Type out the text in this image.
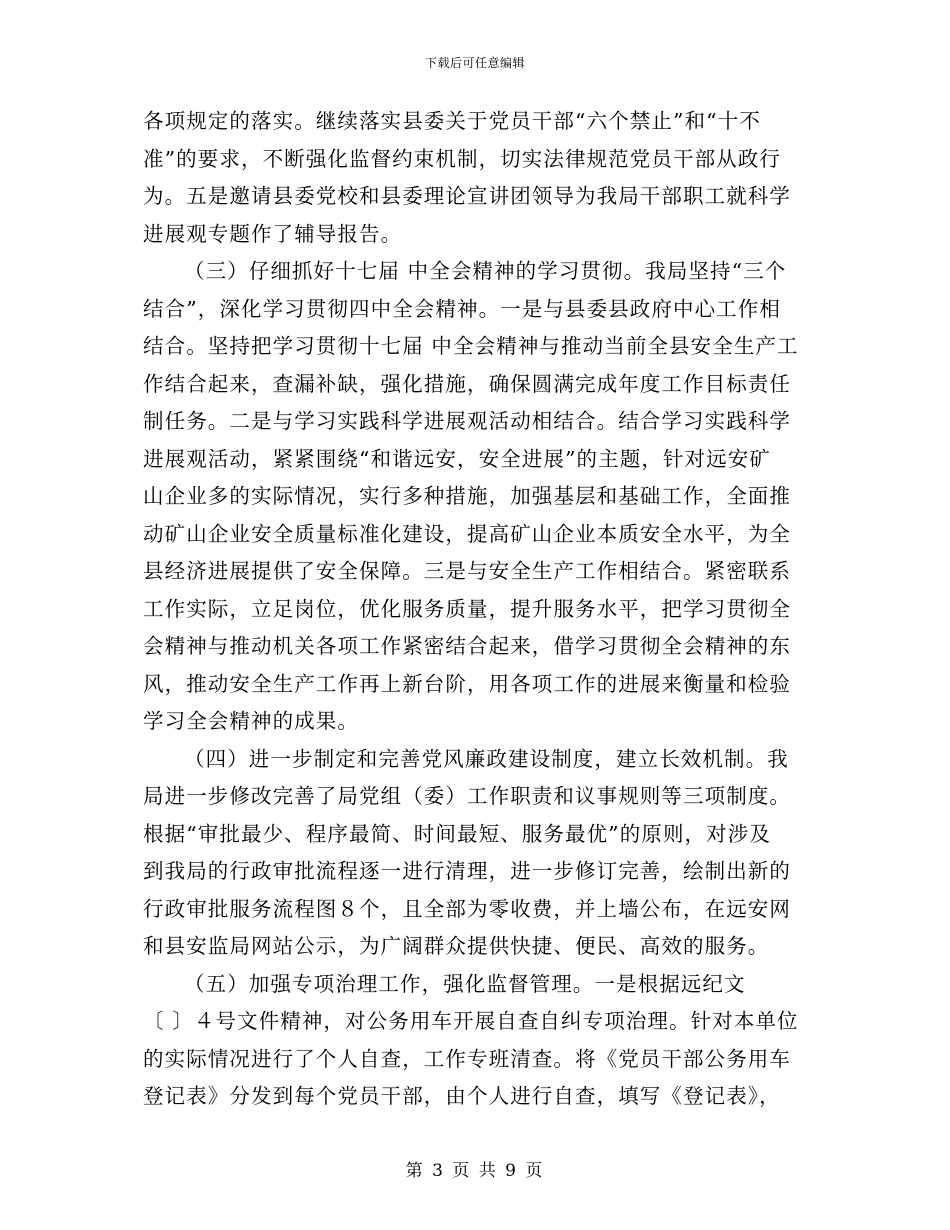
下载后可任意编辑
各项规定的落实。继续落实县委关于党员干部“六个禁止”和“十不
准”的要求，不断强化监督约束机制，切实法律规范党员干部从政行
为。五是邀请县委党校和县委理论宣讲团领导为我局干部职工就科学
进展观专题作了辅导报告。
（三）仔细抓好十七届 中全会精神的学习贯彻。我局坚持“三个
结合”，深化学习贯彻四中全会精神。一是与县委县政府中心工作相
结合。坚持把学习贯彻十七届 中全会精神与推动当前全县安全生产工
作结合起来，查漏补缺，强化措施，确保圆满完成年度工作目标责任
制任务。二是与学习实践科学进展观活动相结合。结合学习实践科学
进展观活动，紧紧围绕“和谐远安，安全进展”的主题，针对远安矿
山企业多的实际情况，实行多种措施，加强基层和基础工作，全面推
动矿山企业安全质量标准化建设，提高矿山企业本质安全水平，为全
县经济进展提供了安全保障。三是与安全生产工作相结合。紧密联系
工作实际，立足岗位，优化服务质量，提升服务水平，把学习贯彻全
会精神与推动机关各项工作紧密结合起来，借学习贯彻全会精神的东
风，推动安全生产工作再上新台阶，用各项工作的进展来衡量和检验
学习全会精神的成果。
（四）进一步制定和完善党风廉政建设制度，建立长效机制。我
局进一步修改完善了局党组（委）工作职责和议事规则等三项制度。
根据“审批最少、程序最简、时间最短、服务最优”的原则，对涉及
到我局的行政审批流程逐一进行清理，进一步修订完善，绘制出新的
行政审批服务流程图８个，且全部为零收费，并上墙公布，在远安网
和县安监局网站公示，为广阔群众提供快捷、便民、高效的服务。
（五）加强专项治理工作，强化监督管理。一是根据远纪文
〔 〕４号文件精神，对公务用车开展自查自纠专项治理。针对本单位
的实际情况进行了个人自查，工作专班清查。将《党员干部公务用车
登记表》分发到每个党员干部，由个人进行自查，填写《登记表》，
第 3 页 共 9 页
